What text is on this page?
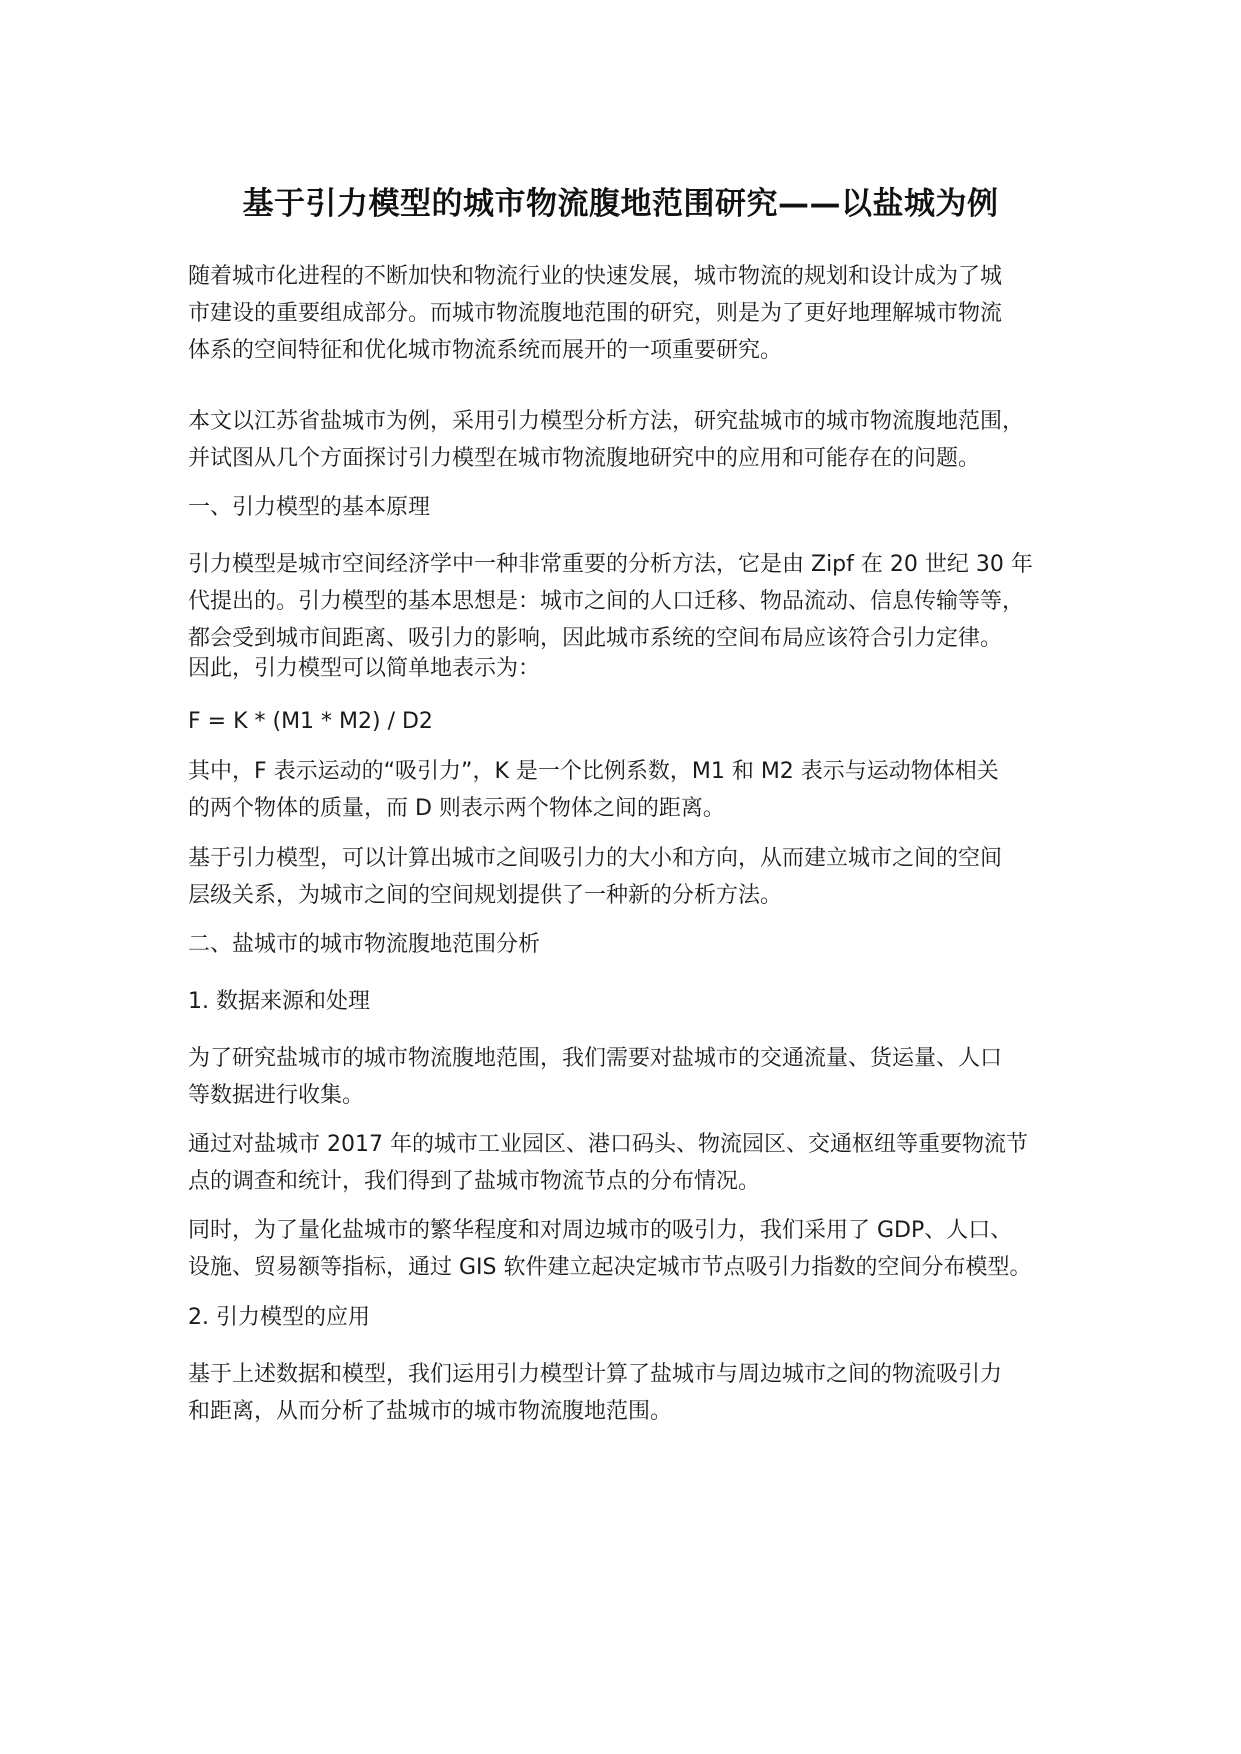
基于引力模型的城市物流腹地范围研究——以盐城为例
随着城市化进程的不断加快和物流行业的快速发展，城市物流的规划和设计成为了城
市建设的重要组成部分。而城市物流腹地范围的研究，则是为了更好地理解城市物流
体系的空间特征和优化城市物流系统而展开的一项重要研究。
本文以江苏省盐城市为例，采用引力模型分析方法，研究盐城市的城市物流腹地范围，
并试图从几个方面探讨引力模型在城市物流腹地研究中的应用和可能存在的问题。
一、引力模型的基本原理
引力模型是城市空间经济学中一种非常重要的分析方法，它是由 Zipf 在 20 世纪 30 年
代提出的。引力模型的基本思想是：城市之间的人口迁移、物品流动、信息传输等等，
都会受到城市间距离、吸引力的影响，因此城市系统的空间布局应该符合引力定律。
因此，引力模型可以简单地表示为：
F = K * (M1 * M2) / D2
其中，F 表示运动的“吸引力”，K 是一个比例系数，M1 和 M2 表示与运动物体相关
的两个物体的质量，而 D 则表示两个物体之间的距离。
基于引力模型，可以计算出城市之间吸引力的大小和方向，从而建立城市之间的空间
层级关系，为城市之间的空间规划提供了一种新的分析方法。
二、盐城市的城市物流腹地范围分析
1. 数据来源和处理
为了研究盐城市的城市物流腹地范围，我们需要对盐城市的交通流量、货运量、人口
等数据进行收集。
通过对盐城市 2017 年的城市工业园区、港口码头、物流园区、交通枢纽等重要物流节
点的调查和统计，我们得到了盐城市物流节点的分布情况。
同时，为了量化盐城市的繁华程度和对周边城市的吸引力，我们采用了 GDP、人口、
设施、贸易额等指标，通过 GIS 软件建立起决定城市节点吸引力指数的空间分布模型。
2. 引力模型的应用
基于上述数据和模型，我们运用引力模型计算了盐城市与周边城市之间的物流吸引力
和距离，从而分析了盐城市的城市物流腹地范围。
